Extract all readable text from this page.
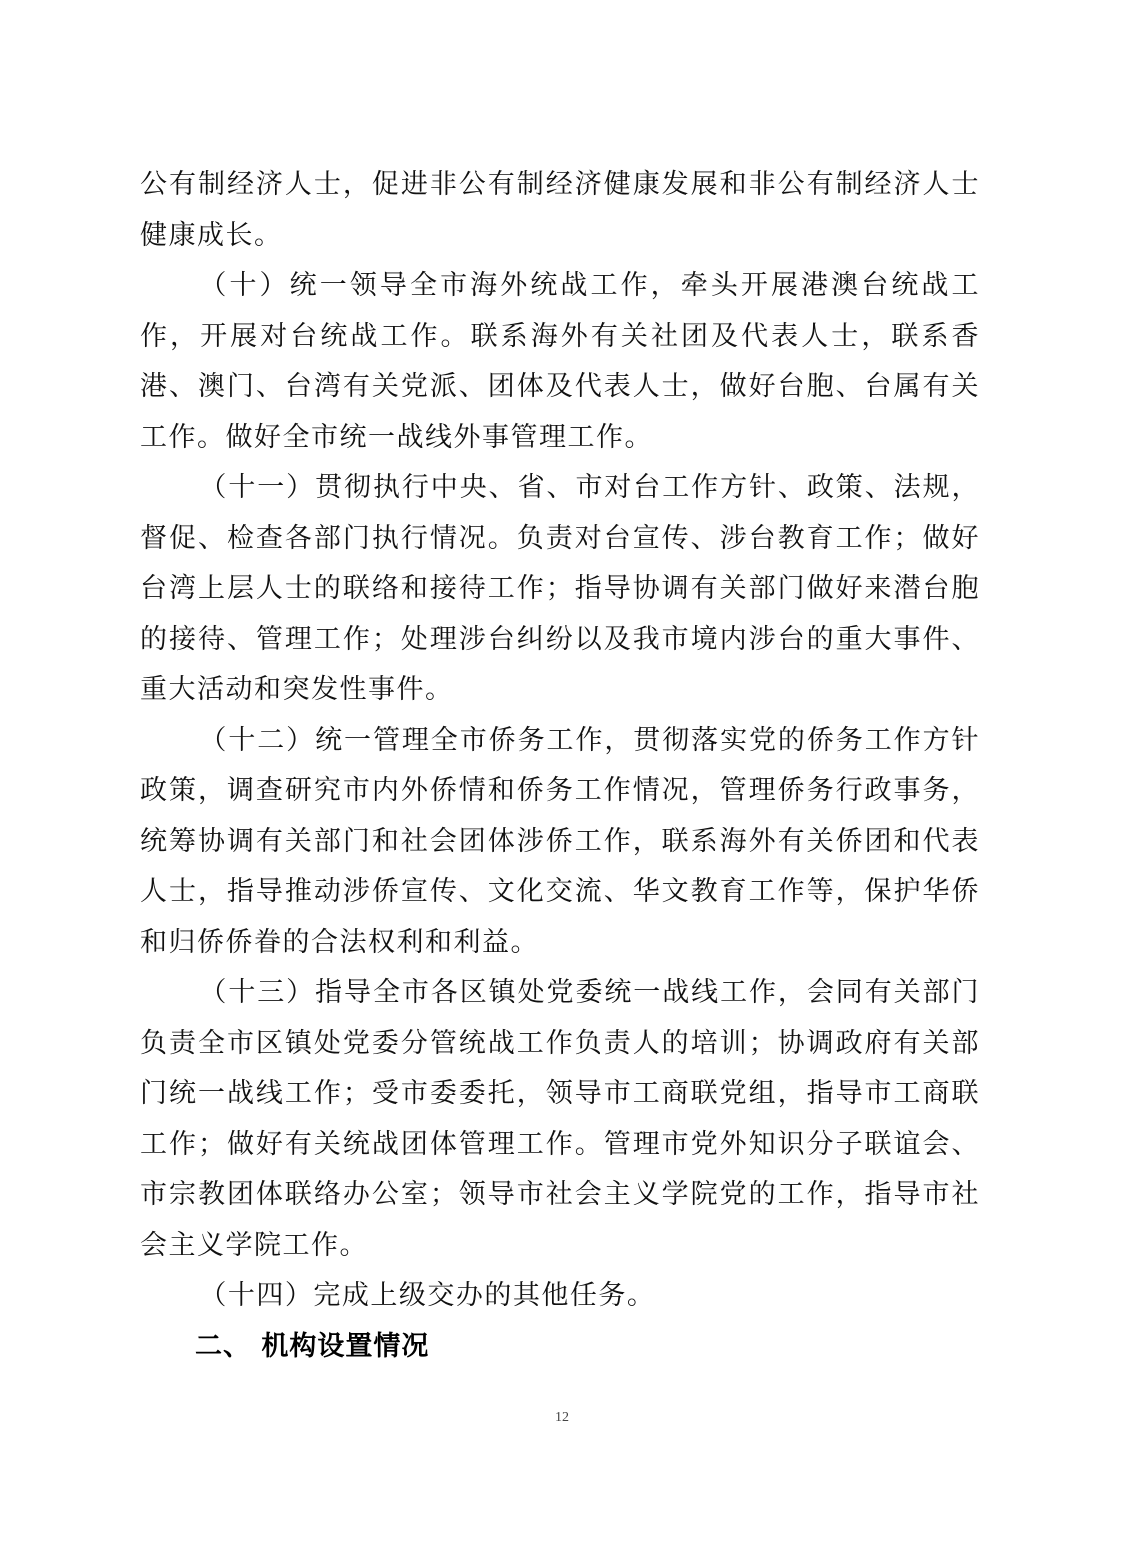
公有制经济人士，促进非公有制经济健康发展和非公有制经济人士健康成长。

（十）统一领导全市海外统战工作，牵头开展港澳台统战工作，开展对台统战工作。联系海外有关社团及代表人士，联系香港、澳门、台湾有关党派、团体及代表人士，做好台胞、台属有关工作。做好全市统一战线外事管理工作。

（十一）贯彻执行中央、省、市对台工作方针、政策、法规，督促、检查各部门执行情况。负责对台宣传、涉台教育工作；做好台湾上层人士的联络和接待工作；指导协调有关部门做好来潜台胞的接待、管理工作；处理涉台纠纷以及我市境内涉台的重大事件、重大活动和突发性事件。

（十二）统一管理全市侨务工作，贯彻落实党的侨务工作方针政策，调查研究市内外侨情和侨务工作情况，管理侨务行政事务，统筹协调有关部门和社会团体涉侨工作，联系海外有关侨团和代表人士，指导推动涉侨宣传、文化交流、华文教育工作等，保护华侨和归侨侨眷的合法权利和利益。

（十三）指导全市各区镇处党委统一战线工作，会同有关部门负责全市区镇处党委分管统战工作负责人的培训；协调政府有关部门统一战线工作；受市委委托，领导市工商联党组，指导市工商联工作；做好有关统战团体管理工作。管理市党外知识分子联谊会、市宗教团体联络办公室；领导市社会主义学院党的工作，指导市社会主义学院工作。

（十四）完成上级交办的其他任务。

二、 机构设置情况

12
